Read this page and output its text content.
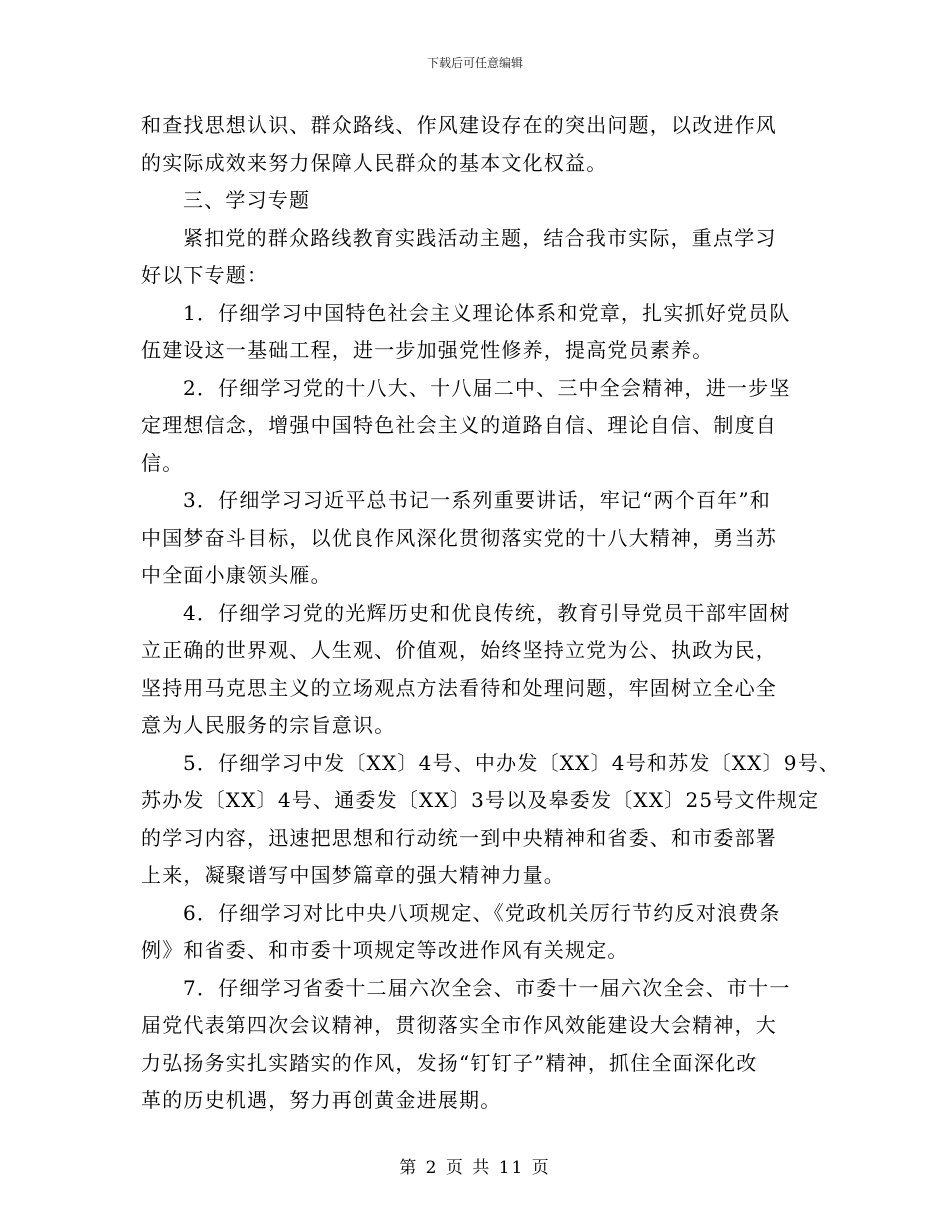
下载后可任意编辑
和查找思想认识、群众路线、作风建设存在的突出问题，以改进作风
的实际成效来努力保障人民群众的基本文化权益。
三、学习专题
紧扣党的群众路线教育实践活动主题，结合我市实际，重点学习
好以下专题：
1．仔细学习中国特色社会主义理论体系和党章，扎实抓好党员队
伍建设这一基础工程，进一步加强党性修养，提高党员素养。
2．仔细学习党的十八大、十八届二中、三中全会精神，进一步坚
定理想信念，增强中国特色社会主义的道路自信、理论自信、制度自
信。
3．仔细学习习近平总书记一系列重要讲话，牢记“两个百年”和
中国梦奋斗目标，以优良作风深化贯彻落实党的十八大精神，勇当苏
中全面小康领头雁。
4．仔细学习党的光辉历史和优良传统，教育引导党员干部牢固树
立正确的世界观、人生观、价值观，始终坚持立党为公、执政为民，
坚持用马克思主义的立场观点方法看待和处理问题，牢固树立全心全
意为人民服务的宗旨意识。
5．仔细学习中发〔XX〕4号、中办发〔XX〕4号和苏发〔XX〕9号、
苏办发〔XX〕4号、通委发〔XX〕3号以及皋委发〔XX〕25号文件规定
的学习内容，迅速把思想和行动统一到中央精神和省委、和市委部署
上来，凝聚谱写中国梦篇章的强大精神力量。
6．仔细学习对比中央八项规定、《党政机关厉行节约反对浪费条
例》和省委、和市委十项规定等改进作风有关规定。
7．仔细学习省委十二届六次全会、市委十一届六次全会、市十一
届党代表第四次会议精神，贯彻落实全市作风效能建设大会精神，大
力弘扬务实扎实踏实的作风，发扬“钉钉子”精神，抓住全面深化改
革的历史机遇，努力再创黄金进展期。
第 2 页 共 11 页
